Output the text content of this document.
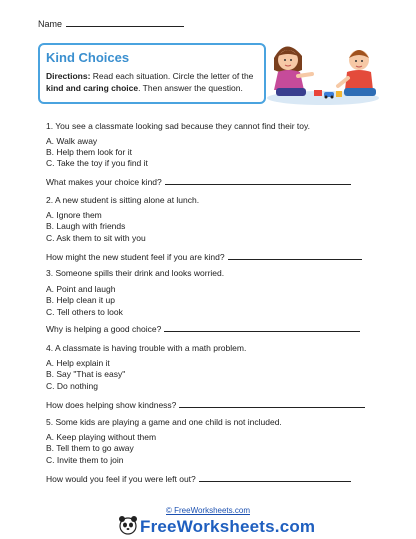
Name
Kind Choices
Directions: Read each situation. Circle the letter of the kind and caring choice. Then answer the question.
1. You see a classmate looking sad because they cannot find their toy.
A. Walk away
B. Help them look for it
C. Take the toy if you find it
What makes your choice kind?
2. A new student is sitting alone at lunch.
A. Ignore them
B. Laugh with friends
C. Ask them to sit with you
How might the new student feel if you are kind?
3. Someone spills their drink and looks worried.
A. Point and laugh
B. Help clean it up
C. Tell others to look
Why is helping a good choice?
4. A classmate is having trouble with a math problem.
A. Help explain it
B. Say "That is easy"
C. Do nothing
How does helping show kindness?
5. Some kids are playing a game and one child is not included.
A. Keep playing without them
B. Tell them to go away
C. Invite them to join
How would you feel if you were left out?
© FreeWorksheets.com
FreeWorksheets.com
